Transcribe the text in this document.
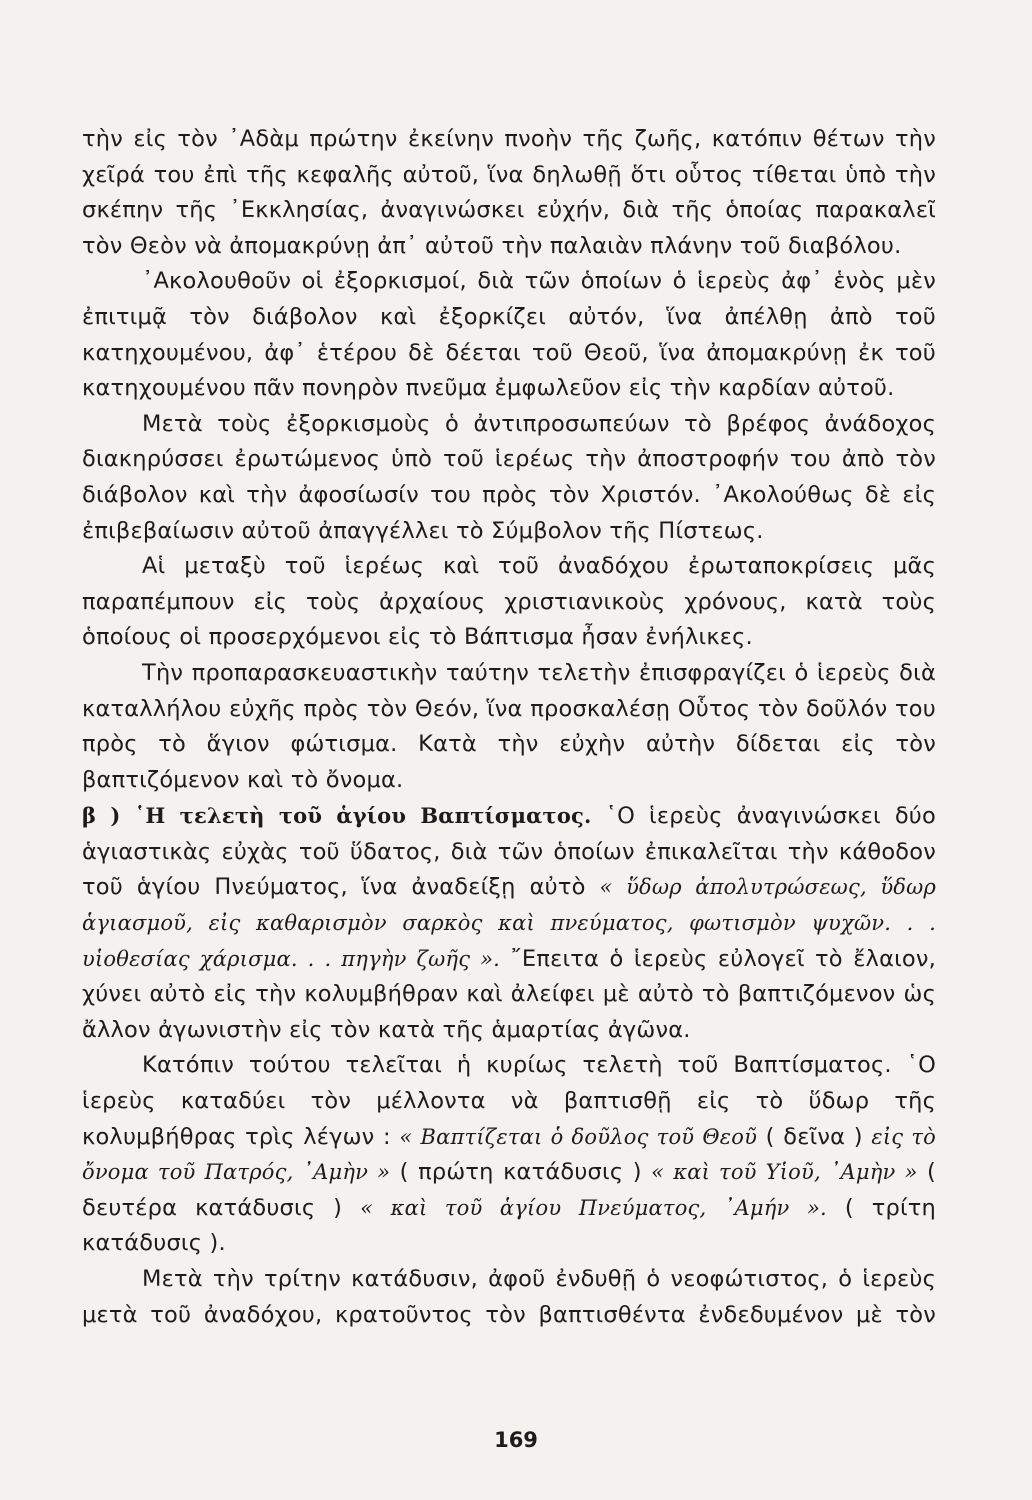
τὴν εἰς τὸν ᾿Αδὰμ πρώτην ἐκείνην πνοὴν τῆς ζωῆς, κατόπιν θέτων τὴν χεῖρά του ἐπὶ τῆς κεφαλῆς αὐτοῦ, ἵνα δηλωθῇ ὅτι οὗτος τίθεται ὑπὸ τὴν σκέπην τῆς ᾿Εκκλησίας, ἀναγινώσκει εὐχήν, διὰ τῆς ὁποίας παρακαλεῖ τὸν Θεὸν νὰ ἀπομακρύνῃ ἀπ᾿ αὐτοῦ τὴν παλαιὰν πλάνην τοῦ διαβόλου.

᾿Ακολουθοῦν οἱ ἐξορκισμοί, διὰ τῶν ὁποίων ὁ ἱερεὺς ἀφ᾿ ἑνὸς μὲν ἐπιτιμᾷ τὸν διάβολον καὶ ἐξορκίζει αὐτόν, ἵνα ἀπέλθῃ ἀπὸ τοῦ κατηχουμένου, ἀφ᾿ ἑτέρου δὲ δέεται τοῦ Θεοῦ, ἵνα ἀπομακρύνῃ ἐκ τοῦ κατηχουμένου πᾶν πονηρὸν πνεῦμα ἐμφωλεῦον εἰς τὴν καρδίαν αὐτοῦ.

Μετὰ τοὺς ἐξορκισμοὺς ὁ ἀντιπροσωπεύων τὸ βρέφος ἀνάδοχος διακηρύσσει ἐρωτώμενος ὑπὸ τοῦ ἱερέως τὴν ἀποστροφήν του ἀπὸ τὸν διάβολον καὶ τὴν ἀφοσίωσίν του πρὸς τὸν Χριστόν. ᾿Ακολούθως δὲ εἰς ἐπιβεβαίωσιν αὐτοῦ ἀπαγγέλλει τὸ Σύμβολον τῆς Πίστεως.

Αἱ μεταξὺ τοῦ ἱερέως καὶ τοῦ ἀναδόχου ἐρωταποκρίσεις μᾶς παραπέμπουν εἰς τοὺς ἀρχαίους χριστιανικοὺς χρόνους, κατὰ τοὺς ὁποίους οἱ προσερχόμενοι εἰς τὸ Βάπτισμα ἦσαν ἐνήλικες.

Τὴν προπαρασκευαστικὴν ταύτην τελετὴν ἐπισφραγίζει ὁ ἱερεὺς διὰ καταλλήλου εὐχῆς πρὸς τὸν Θεόν, ἵνα προσκαλέσῃ Οὗτος τὸν δοῦλόν του πρὸς τὸ ἅγιον φώτισμα. Κατὰ τὴν εὐχὴν αὐτὴν δίδεται εἰς τὸν βαπτιζόμενον καὶ τὸ ὄνομα.

β ) ῾Η τελετὴ τοῦ ἁγίου Βαπτίσματος. ῾Ο ἱερεὺς ἀναγινώσκει δύο ἁγιαστικὰς εὐχὰς τοῦ ὕδατος, διὰ τῶν ὁποίων ἐπικαλεῖται τὴν κάθοδον τοῦ ἁγίου Πνεύματος, ἵνα ἀναδείξῃ αὐτὸ « ὕδωρ ἀπολυτρώσεως, ὕδωρ ἁγιασμοῦ, εἰς καθαρισμὸν σαρκὸς καὶ πνεύματος, φωτισμὸν ψυχῶν. . . υἱοθεσίας χάρισμα. . . πηγὴν ζωῆς ». ῎Επειτα ὁ ἱερεὺς εὐλογεῖ τὸ ἔλαιον, χύνει αὐτὸ εἰς τὴν κολυμβήθραν καὶ ἀλείφει μὲ αὐτὸ τὸ βαπτιζόμενον ὡς ἄλλον ἀγωνιστὴν εἰς τὸν κατὰ τῆς ἁμαρτίας ἀγῶνα.

Κατόπιν τούτου τελεῖται ἡ κυρίως τελετὴ τοῦ Βαπτίσματος. ῾Ο ἱερεὺς καταδύει τὸν μέλλοντα νὰ βαπτισθῇ εἰς τὸ ὕδωρ τῆς κολυμβήθρας τρὶς λέγων : « Βαπτίζεται ὁ δοῦλος τοῦ Θεοῦ ( δεῖνα ) εἰς τὸ ὄνομα τοῦ Πατρός, ᾿Αμὴν » ( πρώτη κατάδυσις ) « καὶ τοῦ Υἱοῦ, ᾿Αμὴν » ( δευτέρα κατάδυσις ) « καὶ τοῦ ἁγίου Πνεύματος, ᾿Αμήν ». ( τρίτη κατάδυσις ).

Μετὰ τὴν τρίτην κατάδυσιν, ἀφοῦ ἐνδυθῇ ὁ νεοφώτιστος, ὁ ἱερεὺς μετὰ τοῦ ἀναδόχου, κρατοῦντος τὸν βαπτισθέντα ἐνδεδυμένον μὲ τὸν

169
